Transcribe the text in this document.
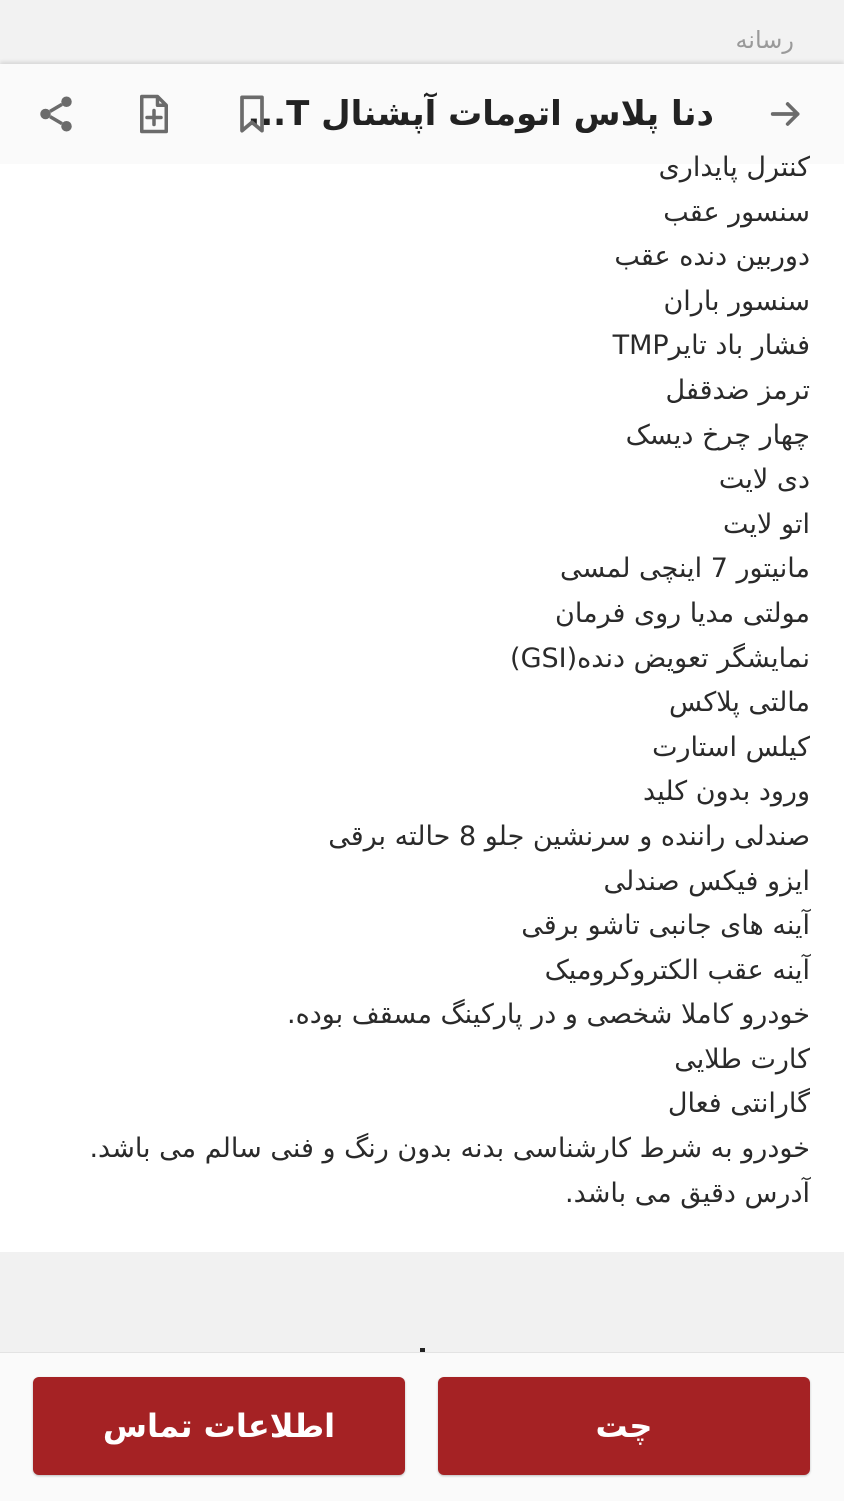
رسانه
دنا پلاس اتومات آپشنال T...
کنترل پایداری
سنسور عقب
دوربین دنده عقب
سنسور باران
فشار باد تایرTMP
ترمز ضدقفل
چهار چرخ دیسک
دی لایت
اتو لایت
مانیتور 7 اینچی لمسی
مولتی مدیا روی فرمان
نمایشگر تعویض دنده(GSI)
مالتی پلاکس
کیلس استارت
ورود بدون کلید
صندلی راننده و سرنشین جلو 8 حالته برقی
ایزو فیکس صندلی
آینه های جانبی تاشو برقی
آینه عقب الکتروکرومیک
خودرو کاملا شخصی و در پارکینگ مسقف بوده.
کارت طلایی
گارانتی فعال
خودرو به شرط کارشناسی بدنه بدون رنگ و فنی سالم می باشد.
آدرس دقیق می باشد.
چت
اطلاعات تماس
